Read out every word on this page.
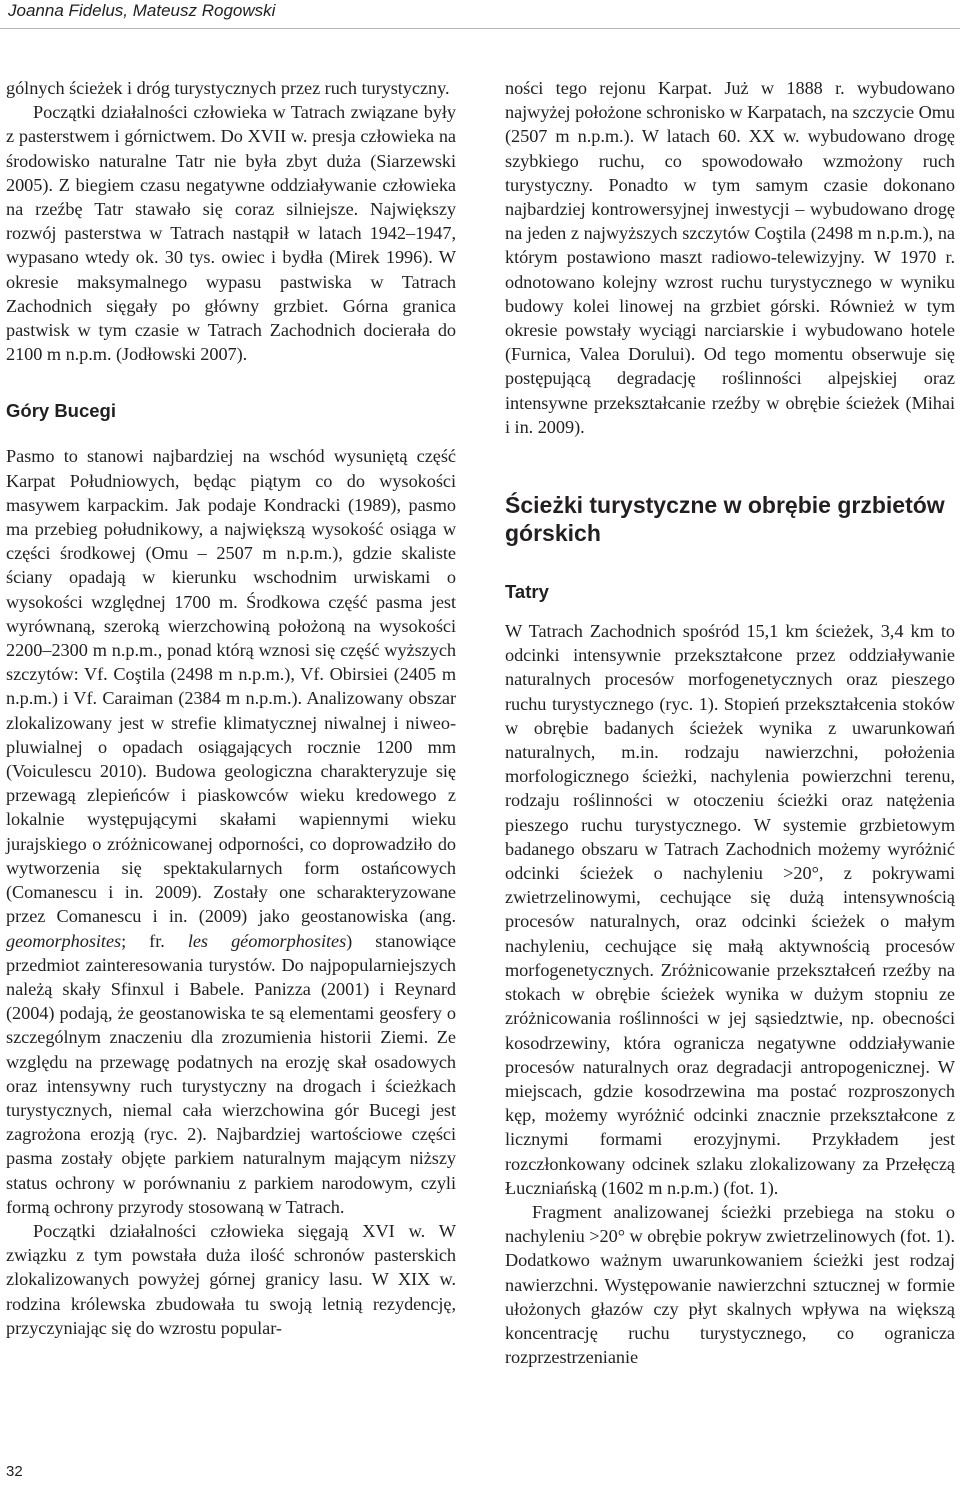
Joanna Fidelus, Mateusz Rogowski

gólnych ścieżek i dróg turystycznych przez ruch turystyczny.

Początki działalności człowieka w Tatrach związane były z pasterstwem i górnictwem. Do XVII w. presja człowieka na środowisko naturalne Tatr nie była zbyt duża (Siarzewski 2005). Z biegiem czasu negatywne oddziaływanie człowieka na rzeźbę Tatr stawało się coraz silniejsze. Największy rozwój pasterstwa w Tatrach nastąpił w latach 1942–1947, wypasano wtedy ok. 30 tys. owiec i bydła (Mirek 1996). W okresie maksymalnego wypasu pastwiska w Tatrach Zachodnich sięgały po główny grzbiet. Górna granica pastwisk w tym czasie w Tatrach Zachodnich docierała do 2100 m n.p.m. (Jodłowski 2007).

Góry Bucegi

Pasmo to stanowi najbardziej na wschód wysuniętą część Karpat Południowych, będąc piątym co do wysokości masywem karpackim. Jak podaje Kondracki (1989), pasmo ma przebieg południkowy, a największą wysokość osiąga w części środkowej (Omu – 2507 m n.p.m.), gdzie skaliste ściany opadają w kierunku wschodnim urwiskami o wysokości względnej 1700 m. Środkowa część pasma jest wyrównaną, szeroką wierzchowiną położoną na wysokości 2200–2300 m n.p.m., ponad którą wznosi się część wyższych szczytów: Vf. Coştila (2498 m n.p.m.), Vf. Obirsiei (2405 m n.p.m.) i Vf. Caraiman (2384 m n.p.m.). Analizowany obszar zlokalizowany jest w strefie klimatycznej niwalnej i niweo-pluwialnej o opadach osiągających rocznie 1200 mm (Voiculescu 2010). Budowa geologiczna charakteryzuje się przewagą zlepieńców i piaskowców wieku kredowego z lokalnie występującymi skałami wapiennymi wieku jurajskiego o zróżnicowanej odporności, co doprowadziło do wytworzenia się spektakularnych form ostańcowych (Comanescu i in. 2009). Zostały one scharakteryzowane przez Comanescu i in. (2009) jako geostanowiska (ang. geomorphosites; fr. les géomorphosites) stanowiące przedmiot zainteresowania turystów. Do najpopularniejszych należą skały Sfinxul i Babele. Panizza (2001) i Reynard (2004) podają, że geostanowiska te są elementami geosfery o szczególnym znaczeniu dla zrozumienia historii Ziemi. Ze względu na przewagę podatnych na erozję skał osadowych oraz intensywny ruch turystyczny na drogach i ścieżkach turystycznych, niemal cała wierzchowina gór Bucegi jest zagrożona erozją (ryc. 2). Najbardziej wartościowe części pasma zostały objęte parkiem naturalnym mającym niższy status ochrony w porównaniu z parkiem narodowym, czyli formą ochrony przyrody stosowaną w Tatrach.

Początki działalności człowieka sięgają XVI w. W związku z tym powstała duża ilość schronów pasterskich zlokalizowanych powyżej górnej granicy lasu. W XIX w. rodzina królewska zbudowała tu swoją letnią rezydencję, przyczyniając się do wzrostu popular-

ności tego rejonu Karpat. Już w 1888 r. wybudowano najwyżej położone schronisko w Karpatach, na szczycie Omu (2507 m n.p.m.). W latach 60. XX w. wybudowano drogę szybkiego ruchu, co spowodowało wzmożony ruch turystyczny. Ponadto w tym samym czasie dokonano najbardziej kontrowersyjnej inwestycji – wybudowano drogę na jeden z najwyższych szczytów Coştila (2498 m n.p.m.), na którym postawiono maszt radiowo-telewizyjny. W 1970 r. odnotowano kolejny wzrost ruchu turystycznego w wyniku budowy kolei linowej na grzbiet górski. Również w tym okresie powstały wyciągi narciarskie i wybudowano hotele (Furnica, Valea Dorului). Od tego momentu obserwuje się postępującą degradację roślinności alpejskiej oraz intensywne przekształcanie rzeźby w obrębie ścieżek (Mihai i in. 2009).

Ścieżki turystyczne w obrębie grzbietów górskich
Tatry

W Tatrach Zachodnich spośród 15,1 km ścieżek, 3,4 km to odcinki intensywnie przekształcone przez oddziaływanie naturalnych procesów morfogenetycznych oraz pieszego ruchu turystycznego (ryc. 1). Stopień przekształcenia stoków w obrębie badanych ścieżek wynika z uwarunkowań naturalnych, m.in. rodzaju nawierzchni, położenia morfologicznego ścieżki, nachylenia powierzchni terenu, rodzaju roślinności w otoczeniu ścieżki oraz natężenia pieszego ruchu turystycznego. W systemie grzbietowym badanego obszaru w Tatrach Zachodnich możemy wyróżnić odcinki ścieżek o nachyleniu >20°, z pokrywami zwietrzelinowymi, cechujące się dużą intensywnością procesów naturalnych, oraz odcinki ścieżek o małym nachyleniu, cechujące się małą aktywnością procesów morfogenetycznych. Zróżnicowanie przekształceń rzeźby na stokach w obrębie ścieżek wynika w dużym stopniu ze zróżnicowania roślinności w jej sąsiedztwie, np. obecności kosodrzewiny, która ogranicza negatywne oddziaływanie procesów naturalnych oraz degradacji antropogenicznej. W miejscach, gdzie kosodrzewina ma postać rozproszonych kęp, możemy wyróżnić odcinki znacznie przekształcone z licznymi formami erozyjnymi. Przykładem jest rozczłonkowany odcinek szlaku zlokalizowany za Przełęczą Łuczniańską (1602 m n.p.m.) (fot. 1).

Fragment analizowanej ścieżki przebiega na stoku o nachyleniu >20° w obrębie pokryw zwietrzelinowych (fot. 1). Dodatkowo ważnym uwarunkowaniem ścieżki jest rodzaj nawierzchni. Występowanie nawierzchni sztucznej w formie ułożonych głazów czy płyt skalnych wpływa na większą koncentrację ruchu turystycznego, co ogranicza rozprzestrzenianie

32
